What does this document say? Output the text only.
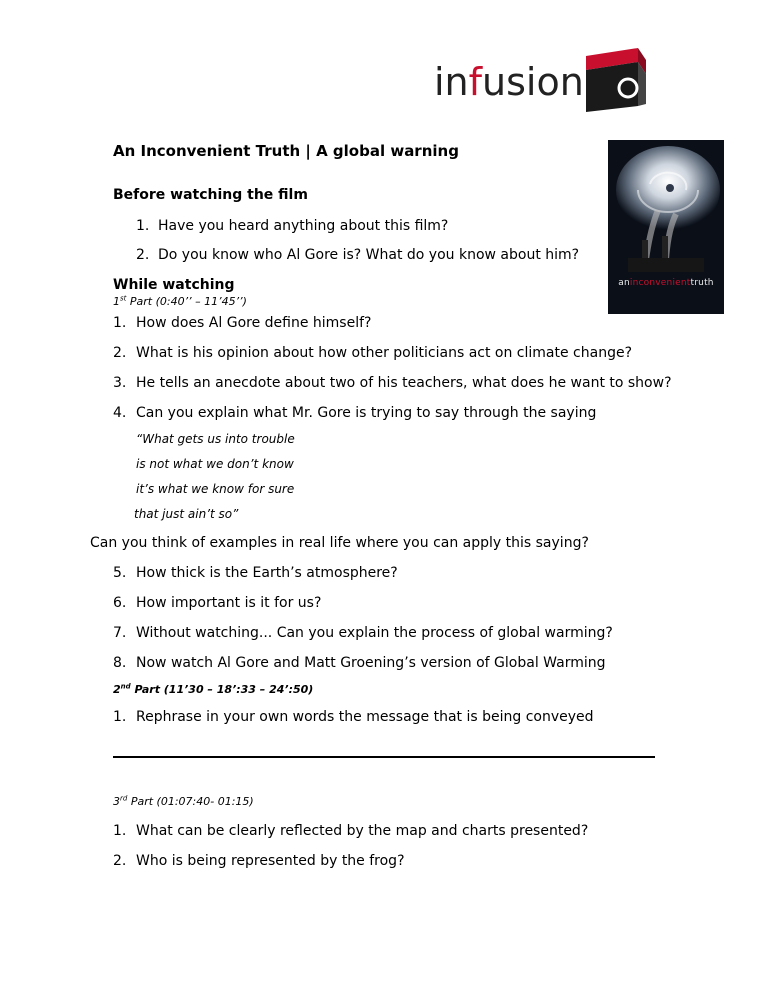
infusion
An Inconvenient Truth | A global warning
aninconvenienttruth
Before watching the film
1. Have you heard anything about this film?
2. Do you know who Al Gore is? What do you know about him?
While watching
1st Part (0:40’’ – 11’45’’)
1. How does Al Gore define himself?
2. What is his opinion about how other politicians act on climate change?
3. He tells an anecdote about two of his teachers, what does he want to show?
4. Can you explain what Mr. Gore is trying to say through the saying
“What gets us into trouble
is not what we don’t know
it’s what we know for sure
that just ain’t so”
Can you think of examples in real life where you can apply this saying?
5. How thick is the Earth’s atmosphere?
6. How important is it for us?
7. Without watching... Can you explain the process of global warming?
8. Now watch Al Gore and Matt Groening’s version of Global Warming
2nd Part (11’30 – 18’:33 – 24’:50)
1. Rephrase in your own words the message that is being conveyed
3rd Part (01:07:40- 01:15)
1. What can be clearly reflected by the map and charts presented?
2. Who is being represented by the frog?
